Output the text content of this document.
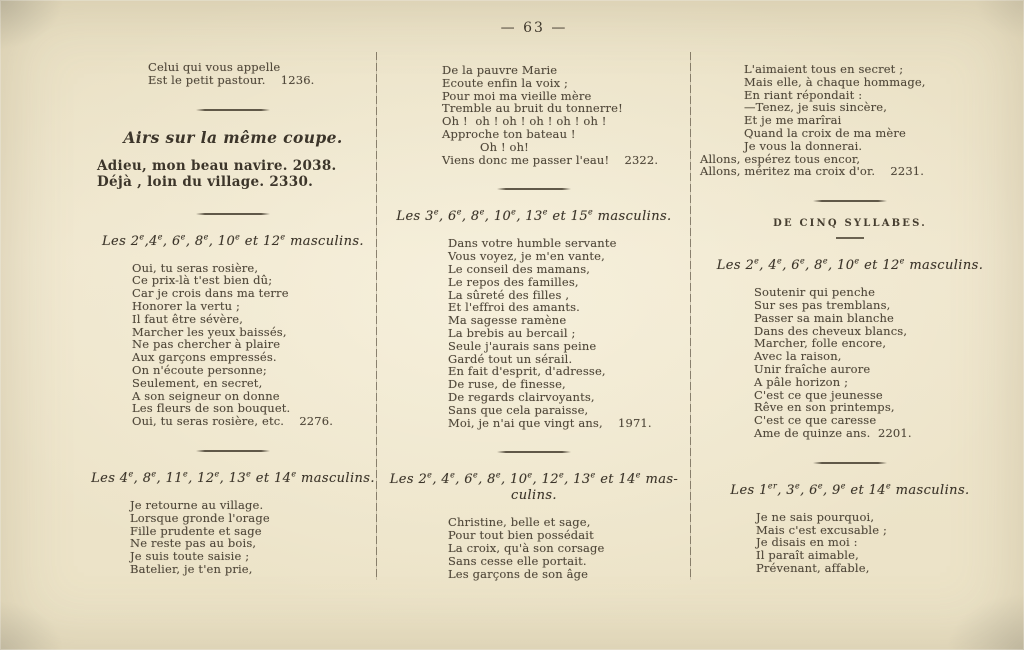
— 63 —
Celui qui vous appelle
Est le petit pastour.    1236.
Airs sur la même coupe.
Adieu, mon beau navire. 2038.
Déjà , loin du village. 2330.
Les 2e,4e, 6e, 8e, 10e et 12e masculins.
Oui, tu seras rosière,
Ce prix-là t'est bien dû;
Car je crois dans ma terre
Honorer la vertu ;
Il faut être sévère,
Marcher les yeux baissés,
Ne pas chercher à plaire
Aux garçons empressés.
On n'écoute personne;
Seulement, en secret,
A son seigneur on donne
Les fleurs de son bouquet.
Oui, tu seras rosière, etc.    2276.
Les 4e, 8e, 11e, 12e, 13e et 14e masculins.
Je retourne au village.
Lorsque gronde l'orage
Fille prudente et sage
Ne reste pas au bois,
Je suis toute saisie ;
Batelier, je t'en prie,
De la pauvre Marie
Ecoute enfin la voix ;
Pour moi ma vieille mère
Tremble au bruit du tonnerre!
Oh !  oh ! oh ! oh ! oh ! oh !
Approche ton bateau !
Oh ! oh!
Viens donc me passer l'eau!    2322.
Les 3e, 6e, 8e, 10e, 13e et 15e masculins.
Dans votre humble servante
Vous voyez, je m'en vante,
Le conseil des mamans,
Le repos des familles,
La sûreté des filles ,
Et l'effroi des amants.
Ma sagesse ramène
La brebis au bercail ;
Seule j'aurais sans peine
Gardé tout un sérail.
En fait d'esprit, d'adresse,
De ruse, de finesse,
De regards clairvoyants,
Sans que cela paraisse,
Moi, je n'ai que vingt ans,    1971.
Les 2e, 4e, 6e, 8e, 10e, 12e, 13e et 14e mas-
culins.
Christine, belle et sage,
Pour tout bien possédait
La croix, qu'à son corsage
Sans cesse elle portait.
Les garçons de son âge
L'aimaient tous en secret ;
Mais elle, à chaque hommage,
En riant répondait :
—Tenez, je suis sincère,
Et je me marîrai
Quand la croix de ma mère
Je vous la donnerai.
Allons, espérez tous encor,
Allons, méritez ma croix d'or.    2231.
DE CINQ SYLLABES.
Les 2e, 4e, 6e, 8e, 10e et 12e masculins.
Soutenir qui penche
Sur ses pas tremblans,
Passer sa main blanche
Dans des cheveux blancs,
Marcher, folle encore,
Avec la raison,
Unir fraîche aurore
A pâle horizon ;
C'est ce que jeunesse
Rêve en son printemps,
C'est ce que caresse
Ame de quinze ans.  2201.
Les 1er, 3e, 6e, 9e et 14e masculins.
Je ne sais pourquoi,
Mais c'est excusable ;
Je disais en moi :
Il paraît aimable,
Prévenant, affable,
